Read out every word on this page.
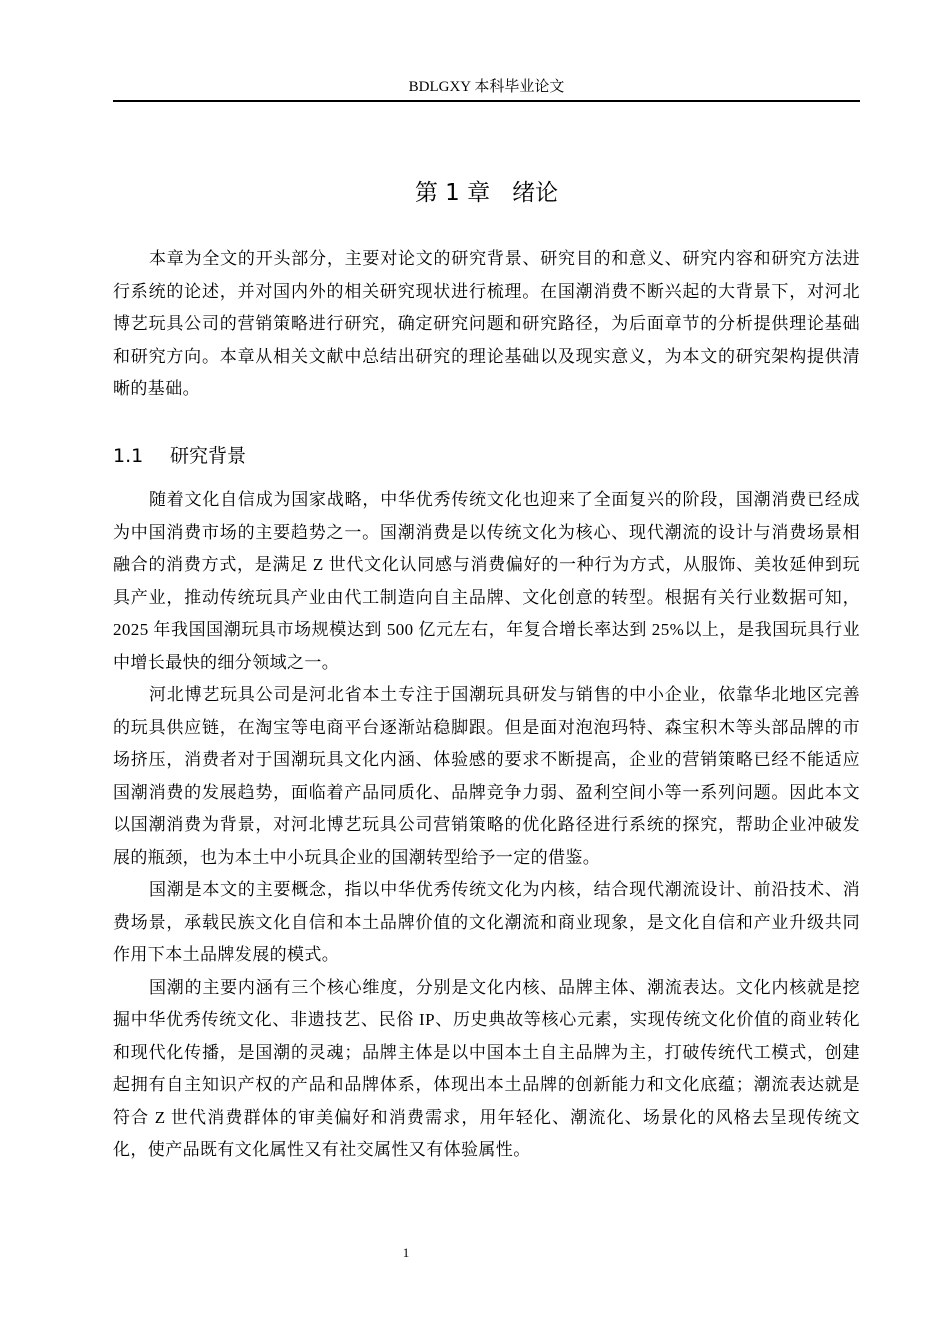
BDLGXY 本科毕业论文
第 1 章 绪论

本章为全文的开头部分，主要对论文的研究背景、研究目的和意义、研究内容和研究方法进行系统的论述，并对国内外的相关研究现状进行梳理。在国潮消费不断兴起的大背景下，对河北博艺玩具公司的营销策略进行研究，确定研究问题和研究路径，为后面章节的分析提供理论基础和研究方向。本章从相关文献中总结出研究的理论基础以及现实意义，为本文的研究架构提供清晰的基础。

1.1 研究背景

随着文化自信成为国家战略，中华优秀传统文化也迎来了全面复兴的阶段，国潮消费已经成为中国消费市场的主要趋势之一。国潮消费是以传统文化为核心、现代潮流的设计与消费场景相融合的消费方式，是满足 Z 世代文化认同感与消费偏好的一种行为方式，从服饰、美妆延伸到玩具产业，推动传统玩具产业由代工制造向自主品牌、文化创意的转型。根据有关行业数据可知，2025 年我国国潮玩具市场规模达到 500 亿元左右，年复合增长率达到 25%以上，是我国玩具行业中增长最快的细分领域之一。

河北博艺玩具公司是河北省本土专注于国潮玩具研发与销售的中小企业，依靠华北地区完善的玩具供应链，在淘宝等电商平台逐渐站稳脚跟。但是面对泡泡玛特、森宝积木等头部品牌的市场挤压，消费者对于国潮玩具文化内涵、体验感的要求不断提高，企业的营销策略已经不能适应国潮消费的发展趋势，面临着产品同质化、品牌竞争力弱、盈利空间小等一系列问题。因此本文以国潮消费为背景，对河北博艺玩具公司营销策略的优化路径进行系统的探究，帮助企业冲破发展的瓶颈，也为本土中小玩具企业的国潮转型给予一定的借鉴。

国潮是本文的主要概念，指以中华优秀传统文化为内核，结合现代潮流设计、前沿技术、消费场景，承载民族文化自信和本土品牌价值的文化潮流和商业现象，是文化自信和产业升级共同作用下本土品牌发展的模式。

国潮的主要内涵有三个核心维度，分别是文化内核、品牌主体、潮流表达。文化内核就是挖掘中华优秀传统文化、非遗技艺、民俗 IP、历史典故等核心元素，实现传统文化价值的商业转化和现代化传播，是国潮的灵魂；品牌主体是以中国本土自主品牌为主，打破传统代工模式，创建起拥有自主知识产权的产品和品牌体系，体现出本土品牌的创新能力和文化底蕴；潮流表达就是符合 Z 世代消费群体的审美偏好和消费需求，用年轻化、潮流化、场景化的风格去呈现传统文化，使产品既有文化属性又有社交属性又有体验属性。

1
